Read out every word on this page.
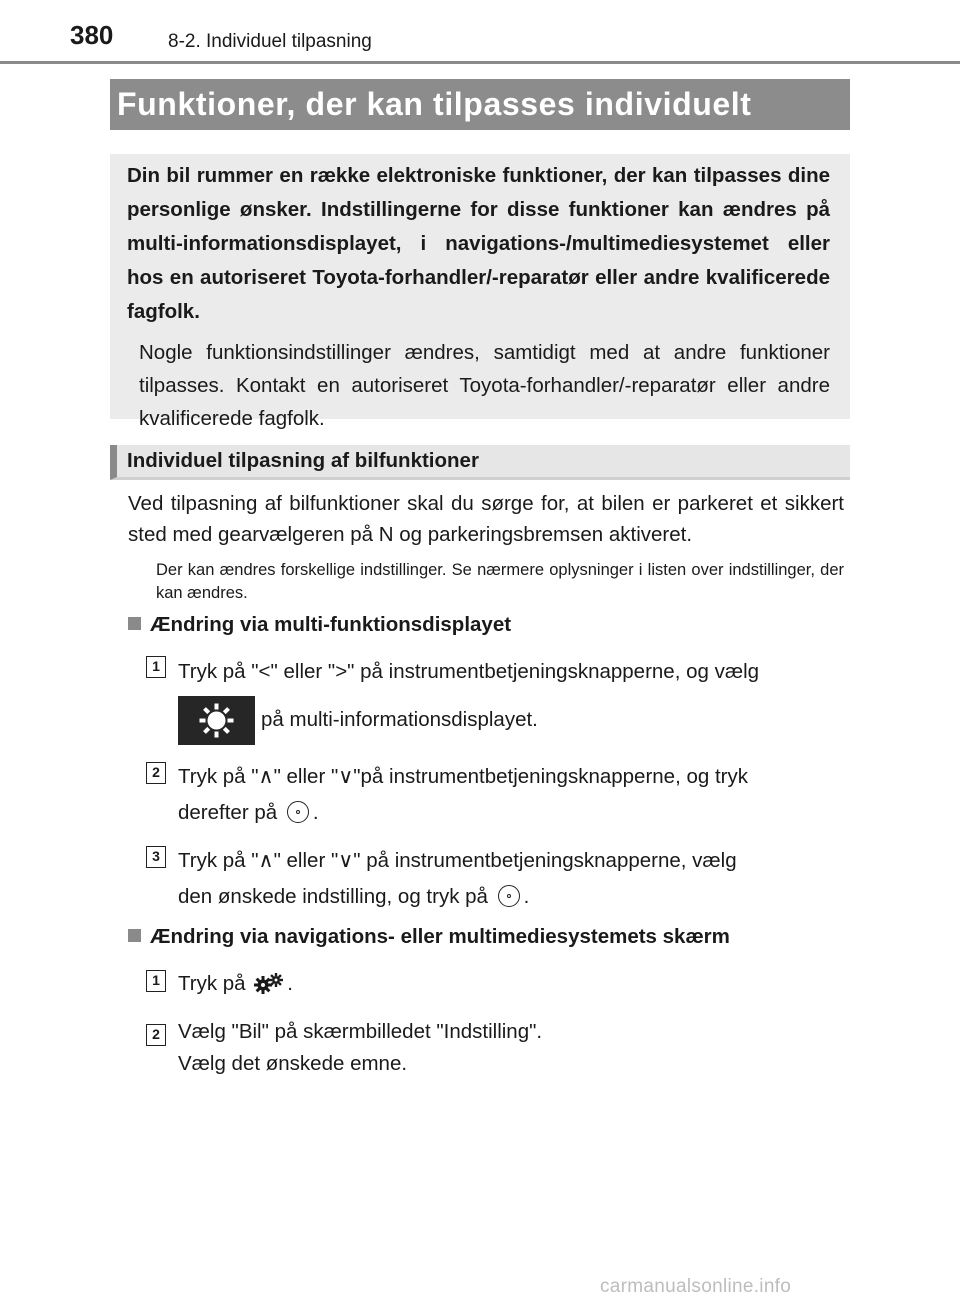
380	8-2. Individuel tilpasning
Funktioner, der kan tilpasses individuelt

Din bil rummer en række elektroniske funktioner, der kan tilpasses dine personlige ønsker. Indstillingerne for disse funktioner kan ændres på multi-informationsdisplayet, i navigations-/multimediesystemet eller hos en autoriseret Toyota-forhandler/-reparatør eller andre kvalificerede fagfolk.

Nogle funktionsindstillinger ændres, samtidigt med at andre funktioner tilpasses. Kontakt en autoriseret Toyota-forhandler/-reparatør eller andre kvalificerede fagfolk.

Individuel tilpasning af bilfunktioner

Ved tilpasning af bilfunktioner skal du sørge for, at bilen er parkeret et sikkert sted med gearvælgeren på N og parkeringsbremsen aktiveret.

Der kan ændres forskellige indstillinger. Se nærmere oplysninger i listen over indstillinger, der kan ændres.

Ændring via multi-funktionsdisplayet
1 Tryk på "<" eller ">" på instrumentbetjeningsknapperne, og vælg

på multi-informationsdisplayet.
2 Tryk på "∧" eller "∨"på instrumentbetjeningsknapperne, og tryk

derefter på .
3 Tryk på "∧" eller "∨" på instrumentbetjeningsknapperne, vælg

den ønskede indstilling, og tryk på .
Ændring via navigations- eller multimediesystemets skærm
1 Tryk på .
2 Vælg "Bil" på skærmbilledet "Indstilling".
Vælg det ønskede emne.
carmanualsonline.info
